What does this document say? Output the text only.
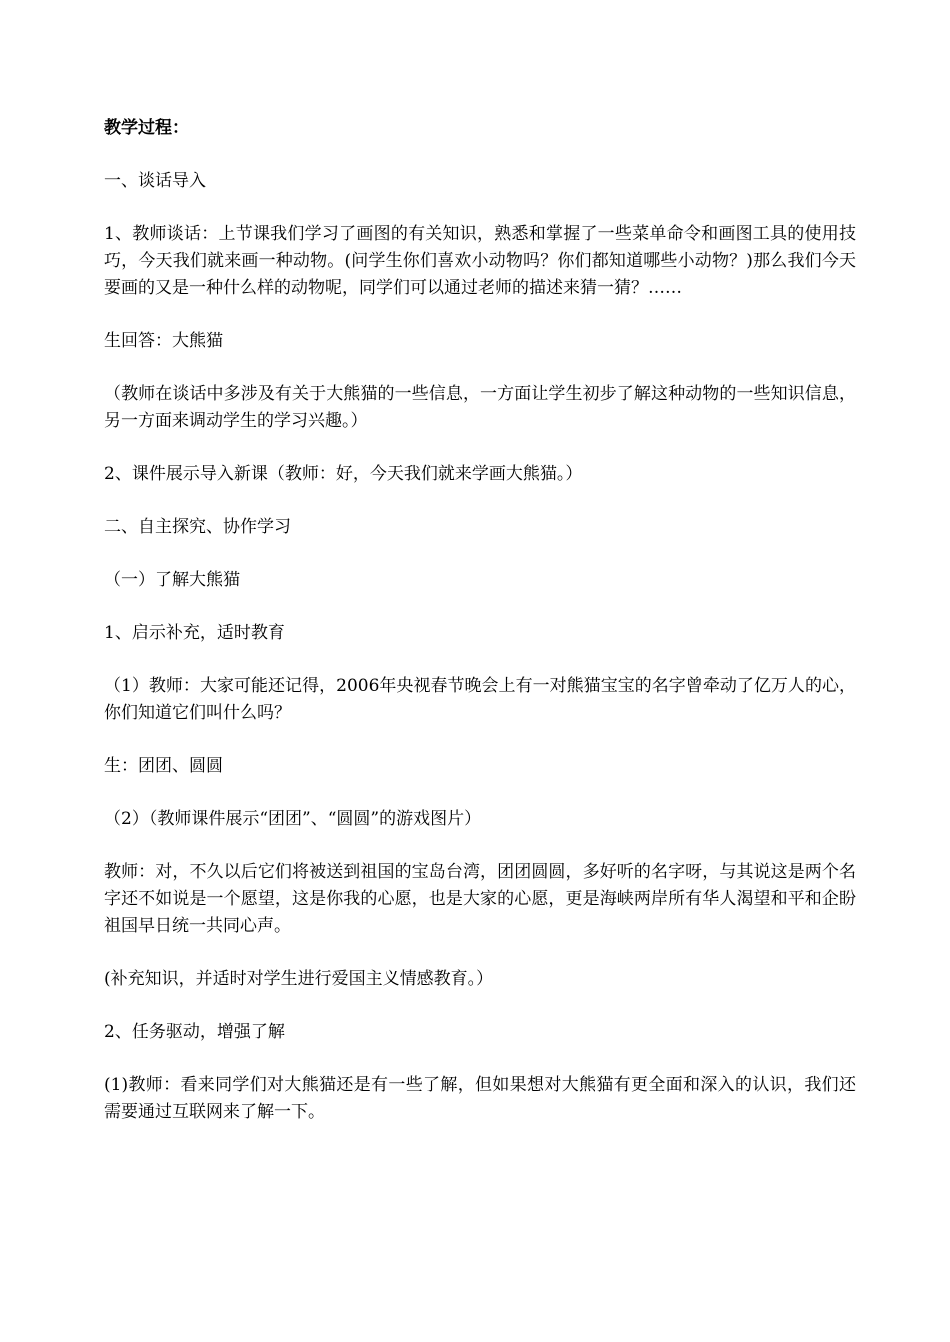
教学过程：

一、谈话导入

1、教师谈话：上节课我们学习了画图的有关知识，熟悉和掌握了一些菜单命令和画图工具的使用技巧，今天我们就来画一种动物。(问学生你们喜欢小动物吗？你们都知道哪些小动物？)那么我们今天要画的又是一种什么样的动物呢，同学们可以通过老师的描述来猜一猜？……

生回答：大熊猫

（教师在谈话中多涉及有关于大熊猫的一些信息，一方面让学生初步了解这种动物的一些知识信息，另一方面来调动学生的学习兴趣。）

2、课件展示导入新课（教师：好，今天我们就来学画大熊猫。）

二、自主探究、协作学习

（一）了解大熊猫

1、启示补充，适时教育

（1）教师：大家可能还记得，2006年央视春节晚会上有一对熊猫宝宝的名字曾牵动了亿万人的心，你们知道它们叫什么吗？

生：团团、圆圆

（2）（教师课件展示“团团”、“圆圆”的游戏图片）

教师：对，不久以后它们将被送到祖国的宝岛台湾，团团圆圆，多好听的名字呀，与其说这是两个名字还不如说是一个愿望，这是你我的心愿，也是大家的心愿，更是海峡两岸所有华人渴望和平和企盼祖国早日统一共同心声。

(补充知识，并适时对学生进行爱国主义情感教育。）

2、任务驱动，增强了解

(1)教师：看来同学们对大熊猫还是有一些了解，但如果想对大熊猫有更全面和深入的认识，我们还需要通过互联网来了解一下。
